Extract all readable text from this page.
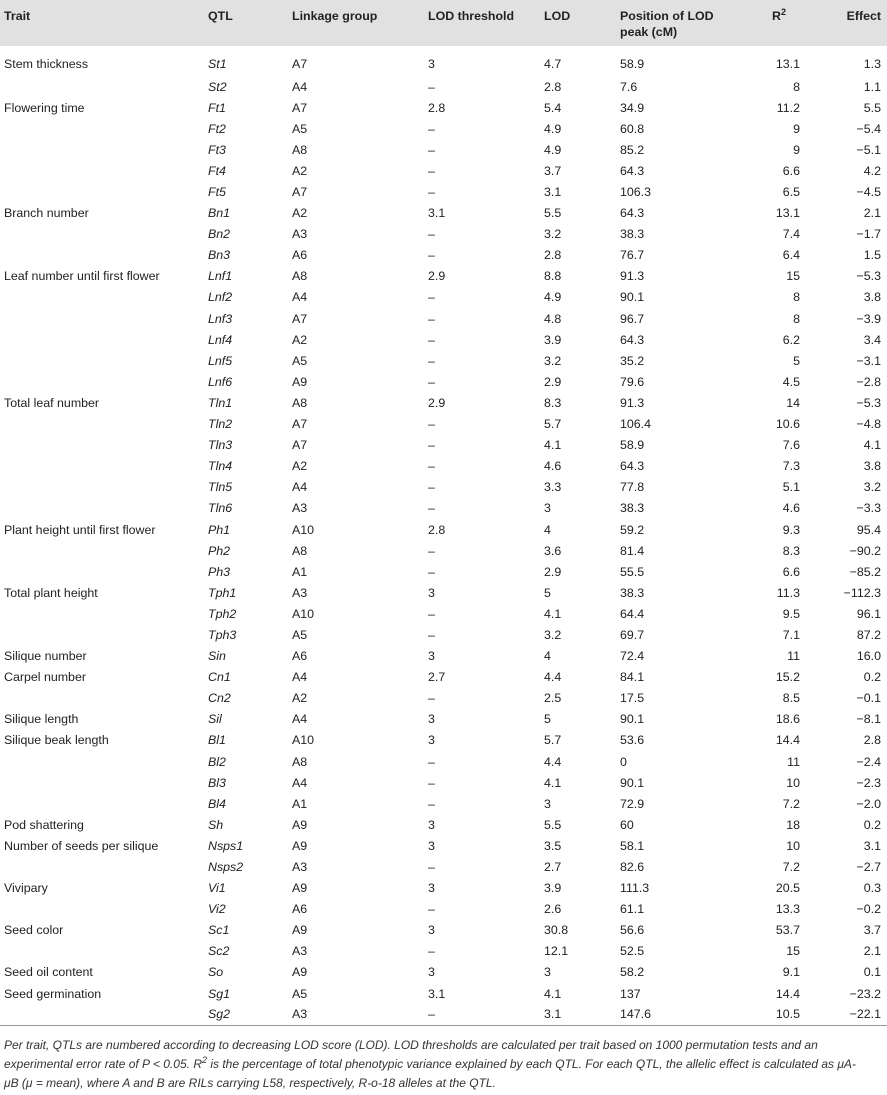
Trait	QTL	Linkage group	LOD threshold	LOD	Position of LOD peak (cM)	$R^2$	Effect
Stem thickness	St1	A7	3	4.7	58.9	13.1	1.3
	St2	A4	–	2.8	7.6	8	1.1
Flowering time	Ft1	A7	2.8	5.4	34.9	11.2	5.5
	Ft2	A5	–	4.9	60.8	9	−5.4
	Ft3	A8	–	4.9	85.2	9	−5.1
	Ft4	A2	–	3.7	64.3	6.6	4.2
	Ft5	A7	–	3.1	106.3	6.5	−4.5
Branch number	Bn1	A2	3.1	5.5	64.3	13.1	2.1
	Bn2	A3	–	3.2	38.3	7.4	−1.7
	Bn3	A6	–	2.8	76.7	6.4	1.5
Leaf number until first flower	Lnf1	A8	2.9	8.8	91.3	15	−5.3
	Lnf2	A4	–	4.9	90.1	8	3.8
	Lnf3	A7	–	4.8	96.7	8	−3.9
	Lnf4	A2	–	3.9	64.3	6.2	3.4
	Lnf5	A5	–	3.2	35.2	5	−3.1
	Lnf6	A9	–	2.9	79.6	4.5	−2.8
Total leaf number	Tln1	A8	2.9	8.3	91.3	14	−5.3
	Tln2	A7	–	5.7	106.4	10.6	−4.8
	Tln3	A7	–	4.1	58.9	7.6	4.1
	Tln4	A2	–	4.6	64.3	7.3	3.8
	Tln5	A4	–	3.3	77.8	5.1	3.2
	Tln6	A3	–	3	38.3	4.6	−3.3
Plant height until first flower	Ph1	A10	2.8	4	59.2	9.3	95.4
	Ph2	A8	–	3.6	81.4	8.3	−90.2
	Ph3	A1	–	2.9	55.5	6.6	−85.2
Total plant height	Tph1	A3	3	5	38.3	11.3	−112.3
	Tph2	A10	–	4.1	64.4	9.5	96.1
	Tph3	A5	–	3.2	69.7	7.1	87.2
Silique number	Sin	A6	3	4	72.4	11	16.0
Carpel number	Cn1	A4	2.7	4.4	84.1	15.2	0.2
	Cn2	A2	–	2.5	17.5	8.5	−0.1
Silique length	Sil	A4	3	5	90.1	18.6	−8.1
Silique beak length	Bl1	A10	3	5.7	53.6	14.4	2.8
	Bl2	A8	–	4.4	0	11	−2.4
	Bl3	A4	–	4.1	90.1	10	−2.3
	Bl4	A1	–	3	72.9	7.2	−2.0
Pod shattering	Sh	A9	3	5.5	60	18	0.2
Number of seeds per silique	Nsps1	A9	3	3.5	58.1	10	3.1
	Nsps2	A3	–	2.7	82.6	7.2	−2.7
Vivipary	Vi1	A9	3	3.9	111.3	20.5	0.3
	Vi2	A6	–	2.6	61.1	13.3	−0.2
Seed color	Sc1	A9	3	30.8	56.6	53.7	3.7
	Sc2	A3	–	12.1	52.5	15	2.1
Seed oil content	So	A9	3	3	58.2	9.1	0.1
Seed germination	Sg1	A5	3.1	4.1	137	14.4	−23.2
	Sg2	A3	–	3.1	147.6	10.5	−22.1
Per trait, QTLs are numbered according to decreasing LOD score (LOD). LOD thresholds are calculated per trait based on 1000 permutation tests and an experimental error rate of P < 0.05. $R^2$ is the percentage of total phenotypic variance explained by each QTL. For each QTL, the allelic effect is calculated as μA-μB (μ = mean), where A and B are RILs carrying L58, respectively, R-o-18 alleles at the QTL.
